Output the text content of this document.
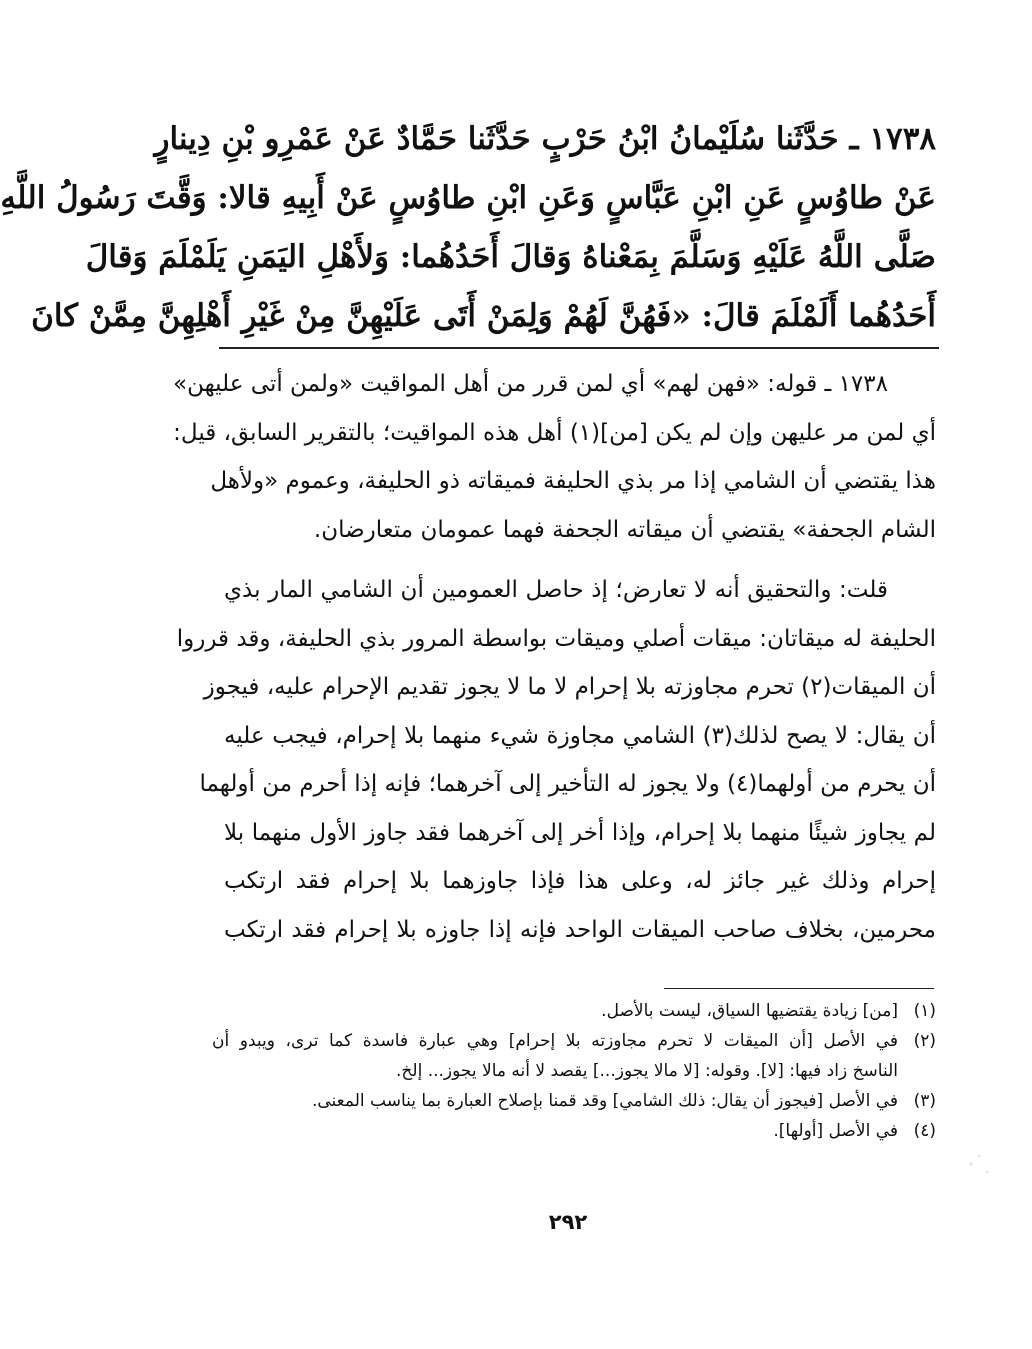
١٧٣٨ ـ حَدَّثَنا سُلَيْمانُ ابْنُ حَرْبٍ حَدَّثَنا حَمَّادٌ عَنْ عَمْرِو بْنِ دِينارٍ
عَنْ طاوُسٍ عَنِ ابْنِ عَبَّاسٍ وَعَنِ ابْنِ طاوُسٍ عَنْ أَبِيهِ قالا: وَقَّتَ رَسُولُ اللَّهِ
صَلَّى اللَّهُ عَلَيْهِ وَسَلَّمَ بِمَعْناهُ وَقالَ أَحَدُهُما: وَلأَهْلِ اليَمَنِ يَلَمْلَمَ وَقالَ
أَحَدُهُما أَلَمْلَمَ قالَ: «فَهُنَّ لَهُمْ وَلِمَنْ أَتَى عَلَيْهِنَّ مِنْ غَيْرِ أَهْلِهِنَّ مِمَّنْ كانَ

١٧٣٨ ـ قوله: «فهن لهم» أي لمن قرر من أهل المواقيت «ولمن أتى عليهن»
أي لمن مر عليهن وإن لم يكن [من](١) أهل هذه المواقيت؛ بالتقرير السابق، قيل:
هذا يقتضي أن الشامي إذا مر بذي الحليفة فميقاته ذو الحليفة، وعموم «ولأهل
الشام الجحفة» يقتضي أن ميقاته الجحفة فهما عمومان متعارضان.

قلت: والتحقيق أنه لا تعارض؛ إذ حاصل العمومين أن الشامي المار بذي
الحليفة له ميقاتان: ميقات أصلي وميقات بواسطة المرور بذي الحليفة، وقد قرروا
أن الميقات(٢) تحرم مجاوزته بلا إحرام لا ما لا يجوز تقديم الإحرام عليه، فيجوز
أن يقال: لا يصح لذلك(٣) الشامي مجاوزة شيء منهما بلا إحرام، فيجب عليه
أن يحرم من أولهما(٤) ولا يجوز له التأخير إلى آخرهما؛ فإنه إذا أحرم من أولهما
لم يجاوز شيئًا منهما بلا إحرام، وإذا أخر إلى آخرهما فقد جاوز الأول منهما بلا
إحرام وذلك غير جائز له، وعلى هذا فإذا جاوزهما بلا إحرام فقد ارتكب
محرمين، بخلاف صاحب الميقات الواحد فإنه إذا جاوزه بلا إحرام فقد ارتكب

(١)
[من] زيادة يقتضيها السياق، ليست بالأصل.
(٢)
في الأصل [أن الميقات لا تحرم مجاوزته بلا إحرام] وهي عبارة فاسدة كما ترى، ويبدو أن
الناسخ زاد فيها: [لا]. وقوله: [لا مالا يجوز...] يقصد لا أنه مالا يجوز... إلخ.
(٣)
في الأصل [فيجوز أن يقال: ذلك الشامي] وقد قمنا بإصلاح العبارة بما يناسب المعنى.
(٤)
في الأصل [أولها].
٢٩٢
